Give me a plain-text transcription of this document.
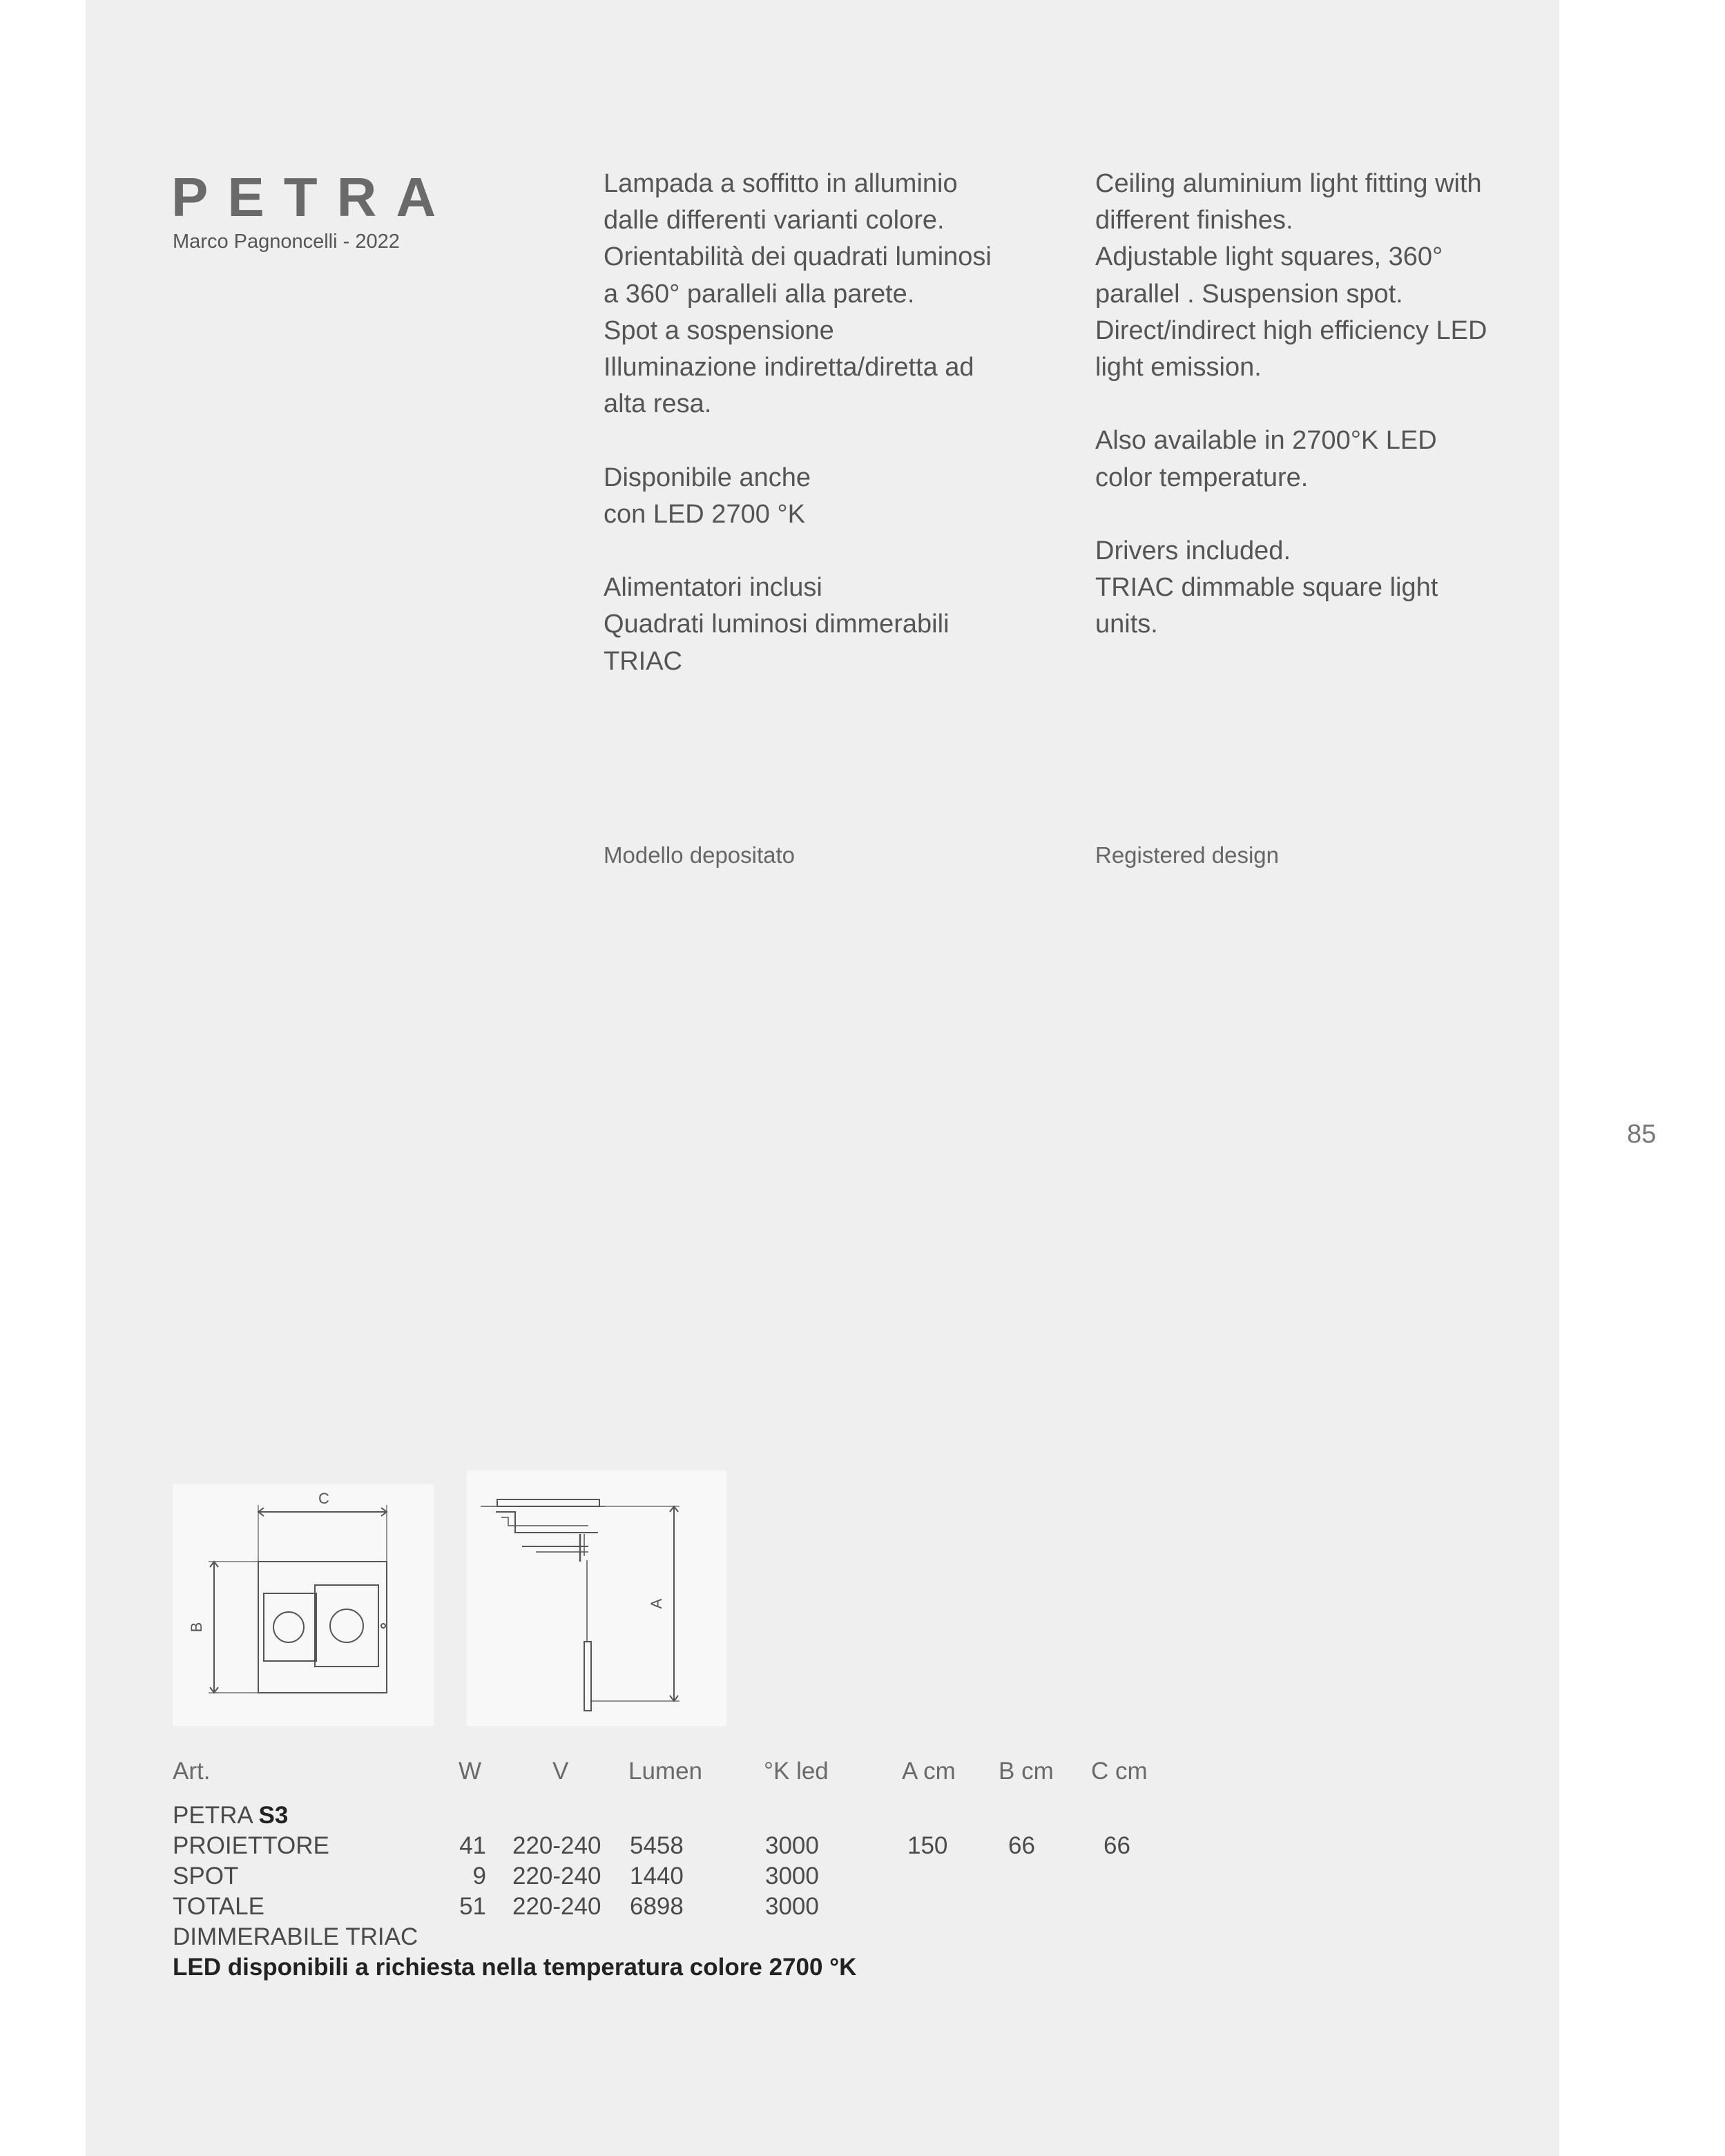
PETRA
Marco Pagnoncelli - 2022
Lampada a soffitto in alluminio
dalle differenti varianti colore.
Orientabilità dei quadrati luminosi
a 360° paralleli alla parete.
Spot a sospensione
Illuminazione indiretta/diretta ad
alta resa.
Disponibile anche
con LED 2700 °K
Alimentatori inclusi
Quadrati luminosi dimmerabili
TRIAC
Ceiling aluminium light fitting with
different finishes.
Adjustable light squares, 360°
parallel . Suspension spot.
Direct/indirect high efficiency LED
light emission.
Also available in 2700°K LED
color temperature.
Drivers included.
TRIAC dimmable square light
units.
Modello depositato	Registered design
85
C
B
A
Art.	W	V Lumen	°K led	A cm B cm C cm
PETRA S3
PROIETTORE	41 220-240 5458	3000	150	66	66
SPOT	9 220-240 1440	3000
TOTALE	51 220-240 6898	3000
DIMMERABILE TRIAC
LED disponibili a richiesta nella temperatura colore 2700 °K
